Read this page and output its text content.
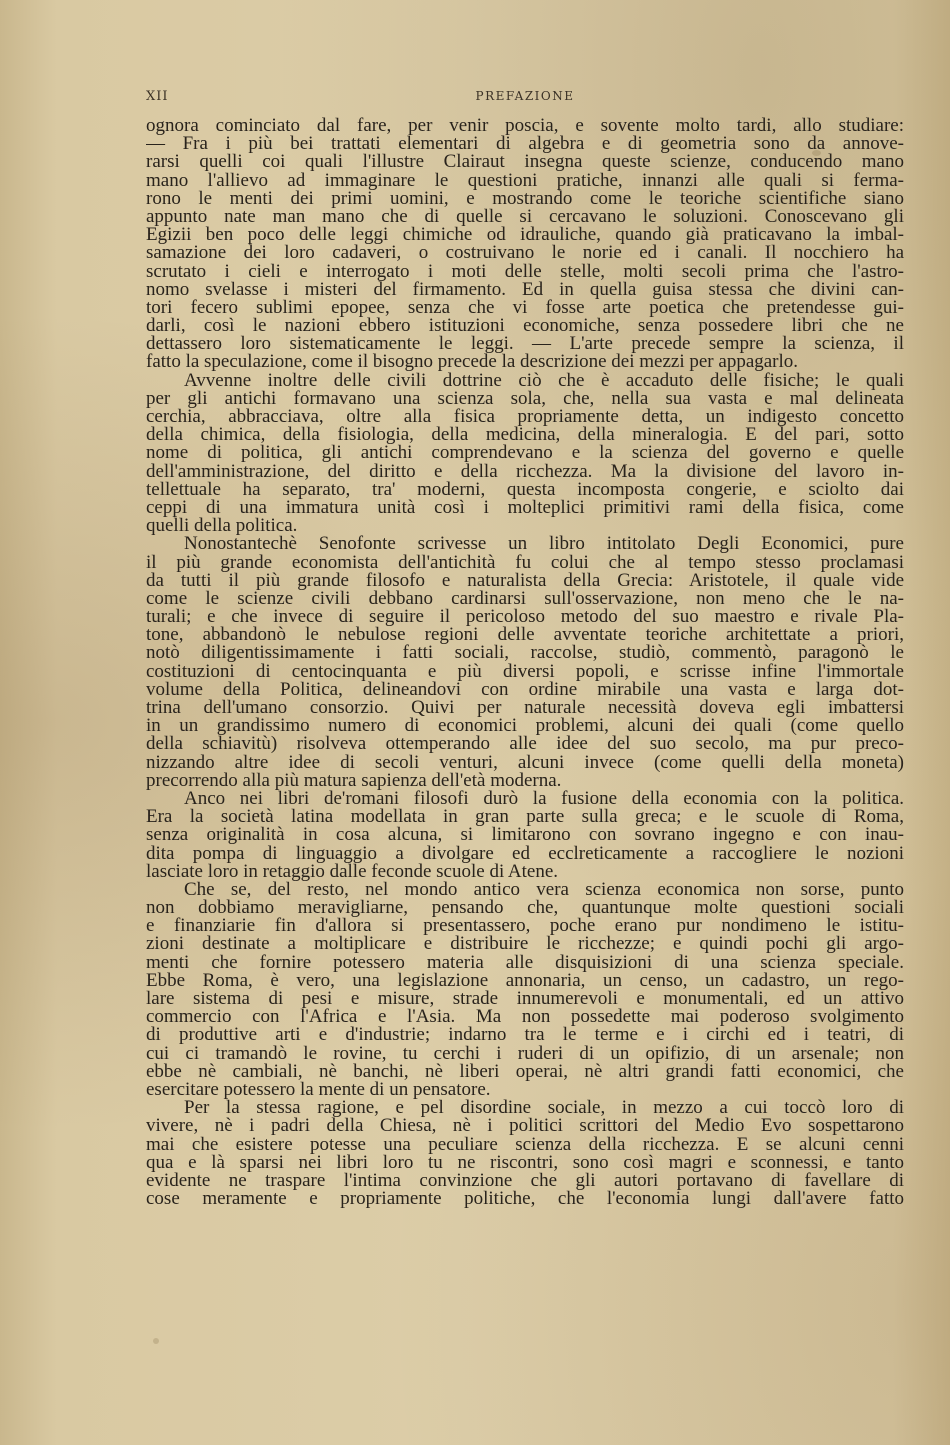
XII	PREFAZIONE
ognora cominciato dal fare, per venir poscia, e sovente molto tardi, allo studiare:
— Fra i più bei trattati elementari di algebra e di geometria sono da annove-
rarsi quelli coi quali l'illustre Clairaut insegna queste scienze, conducendo mano
mano l'allievo ad immaginare le questioni pratiche, innanzi alle quali si ferma-
rono le menti dei primi uomini, e mostrando come le teoriche scientifiche siano
appunto nate man mano che di quelle si cercavano le soluzioni. Conoscevano gli
Egizii ben poco delle leggi chimiche od idrauliche, quando già praticavano la imbal-
samazione dei loro cadaveri, o costruivano le norie ed i canali. Il nocchiero ha
scrutato i cieli e interrogato i moti delle stelle, molti secoli prima che l'astro-
nomo svelasse i misteri del firmamento. Ed in quella guisa stessa che divini can-
tori fecero sublimi epopee, senza che vi fosse arte poetica che pretendesse gui-
darli, così le nazioni ebbero istituzioni economiche, senza possedere libri che ne
dettassero loro sistematicamente le leggi. — L'arte precede sempre la scienza, il
fatto la speculazione, come il bisogno precede la descrizione dei mezzi per appagarlo.
Avvenne inoltre delle civili dottrine ciò che è accaduto delle fisiche; le quali
per gli antichi formavano una scienza sola, che, nella sua vasta e mal delineata
cerchia, abbracciava, oltre alla fisica propriamente detta, un indigesto concetto
della chimica, della fisiologia, della medicina, della mineralogia. E del pari, sotto
nome di politica, gli antichi comprendevano e la scienza del governo e quelle
dell'amministrazione, del diritto e della ricchezza. Ma la divisione del lavoro in-
tellettuale ha separato, tra' moderni, questa incomposta congerie, e sciolto dai
ceppi di una immatura unità così i molteplici primitivi rami della fisica, come
quelli della politica.
Nonostantechè Senofonte scrivesse un libro intitolato Degli Economici, pure
il più grande economista dell'antichità fu colui che al tempo stesso proclamasi
da tutti il più grande filosofo e naturalista della Grecia: Aristotele, il quale vide
come le scienze civili debbano cardinarsi sull'osservazione, non meno che le na-
turali; e che invece di seguire il pericoloso metodo del suo maestro e rivale Pla-
tone, abbandonò le nebulose regioni delle avventate teoriche architettate a priori,
notò diligentissimamente i fatti sociali, raccolse, studiò, commentò, paragonò le
costituzioni di centocinquanta e più diversi popoli, e scrisse infine l'immortale
volume della Politica, delineandovi con ordine mirabile una vasta e larga dot-
trina dell'umano consorzio. Quivi per naturale necessità doveva egli imbattersi
in un grandissimo numero di economici problemi, alcuni dei quali (come quello
della schiavitù) risolveva ottemperando alle idee del suo secolo, ma pur preco-
nizzando altre idee di secoli venturi, alcuni invece (come quelli della moneta)
precorrendo alla più matura sapienza dell'età moderna.
Anco nei libri de'romani filosofi durò la fusione della economia con la politica.
Era la società latina modellata in gran parte sulla greca; e le scuole di Roma,
senza originalità in cosa alcuna, si limitarono con sovrano ingegno e con inau-
dita pompa di linguaggio a divolgare ed ecclreticamente a raccogliere le nozioni
lasciate loro in retaggio dalle feconde scuole di Atene.
Che se, del resto, nel mondo antico vera scienza economica non sorse, punto
non dobbiamo meravigliarne, pensando che, quantunque molte questioni sociali
e finanziarie fin d'allora si presentassero, poche erano pur nondimeno le istitu-
zioni destinate a moltiplicare e distribuire le ricchezze; e quindi pochi gli argo-
menti che fornire potessero materia alle disquisizioni di una scienza speciale.
Ebbe Roma, è vero, una legislazione annonaria, un censo, un cadastro, un rego-
lare sistema di pesi e misure, strade innumerevoli e monumentali, ed un attivo
commercio con l'Africa e l'Asia. Ma non possedette mai poderoso svolgimento
di produttive arti e d'industrie; indarno tra le terme e i circhi ed i teatri, di
cui ci tramandò le rovine, tu cerchi i ruderi di un opifizio, di un arsenale; non
ebbe nè cambiali, nè banchi, nè liberi operai, nè altri grandi fatti economici, che
esercitare potessero la mente di un pensatore.
Per la stessa ragione, e pel disordine sociale, in mezzo a cui toccò loro di
vivere, nè i padri della Chiesa, nè i politici scrittori del Medio Evo sospettarono
mai che esistere potesse una peculiare scienza della ricchezza. E se alcuni cenni
qua e là sparsi nei libri loro tu ne riscontri, sono così magri e sconnessi, e tanto
evidente ne traspare l'intima convinzione che gli autori portavano di favellare di
cose meramente e propriamente politiche, che l'economia lungi dall'avere fatto
